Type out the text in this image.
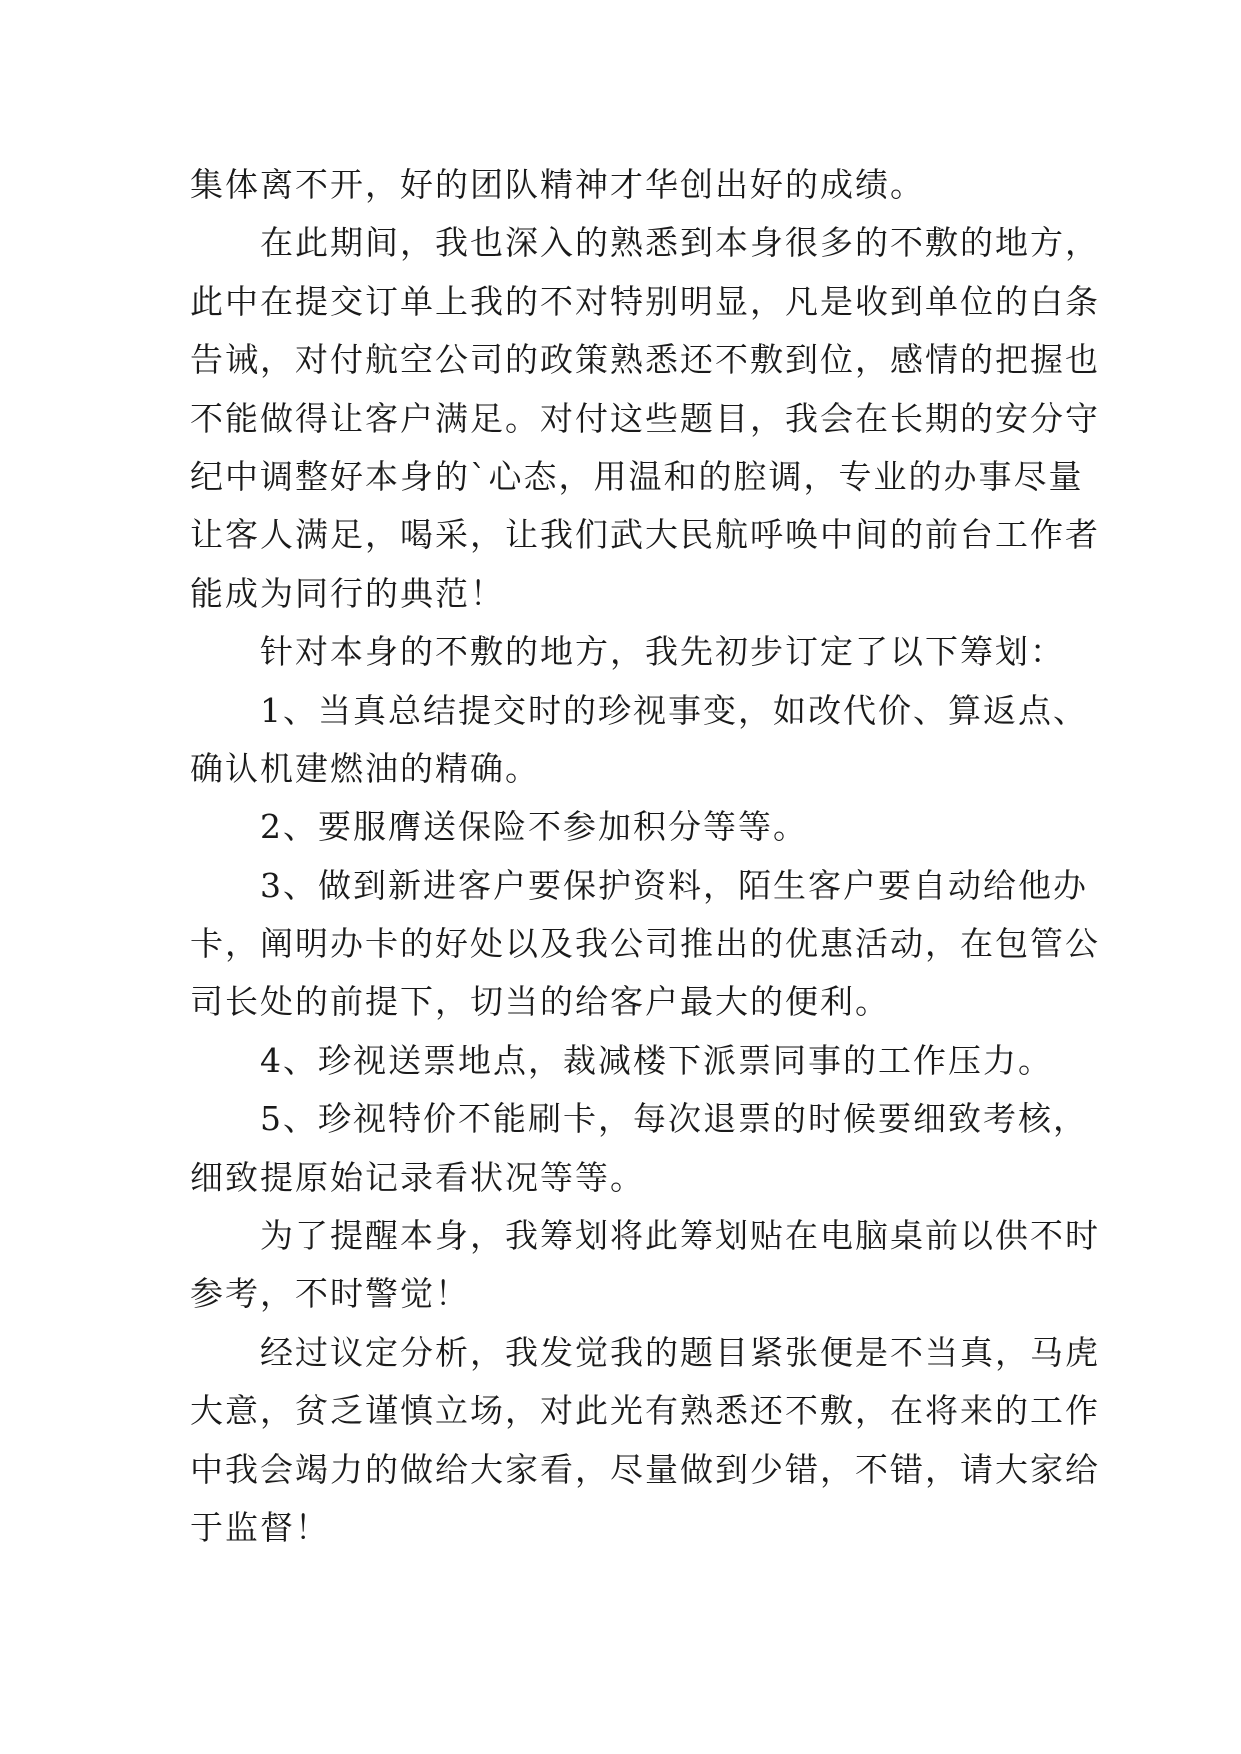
集体离不开，好的团队精神才华创出好的成绩。
　　在此期间，我也深入的熟悉到本身很多的不敷的地方，
此中在提交订单上我的不对特别明显，凡是收到单位的白条
告诫，对付航空公司的政策熟悉还不敷到位，感情的把握也
不能做得让客户满足。对付这些题目，我会在长期的安分守
纪中调整好本身的`心态，用温和的腔调，专业的办事尽量
让客人满足，喝采，让我们武大民航呼唤中间的前台工作者
能成为同行的典范！
　　针对本身的不敷的地方，我先初步订定了以下筹划：
　　1、当真总结提交时的珍视事变，如改代价、算返点、
确认机建燃油的精确。
　　2、要服膺送保险不参加积分等等。
　　3、做到新进客户要保护资料，陌生客户要自动给他办
卡，阐明办卡的好处以及我公司推出的优惠活动，在包管公
司长处的前提下，切当的给客户最大的便利。
　　4、珍视送票地点，裁减楼下派票同事的工作压力。
　　5、珍视特价不能刷卡，每次退票的时候要细致考核，
细致提原始记录看状况等等。
　　为了提醒本身，我筹划将此筹划贴在电脑桌前以供不时
参考，不时警觉！
　　经过议定分析，我发觉我的题目紧张便是不当真，马虎
大意，贫乏谨慎立场，对此光有熟悉还不敷，在将来的工作
中我会竭力的做给大家看，尽量做到少错，不错，请大家给
于监督！
